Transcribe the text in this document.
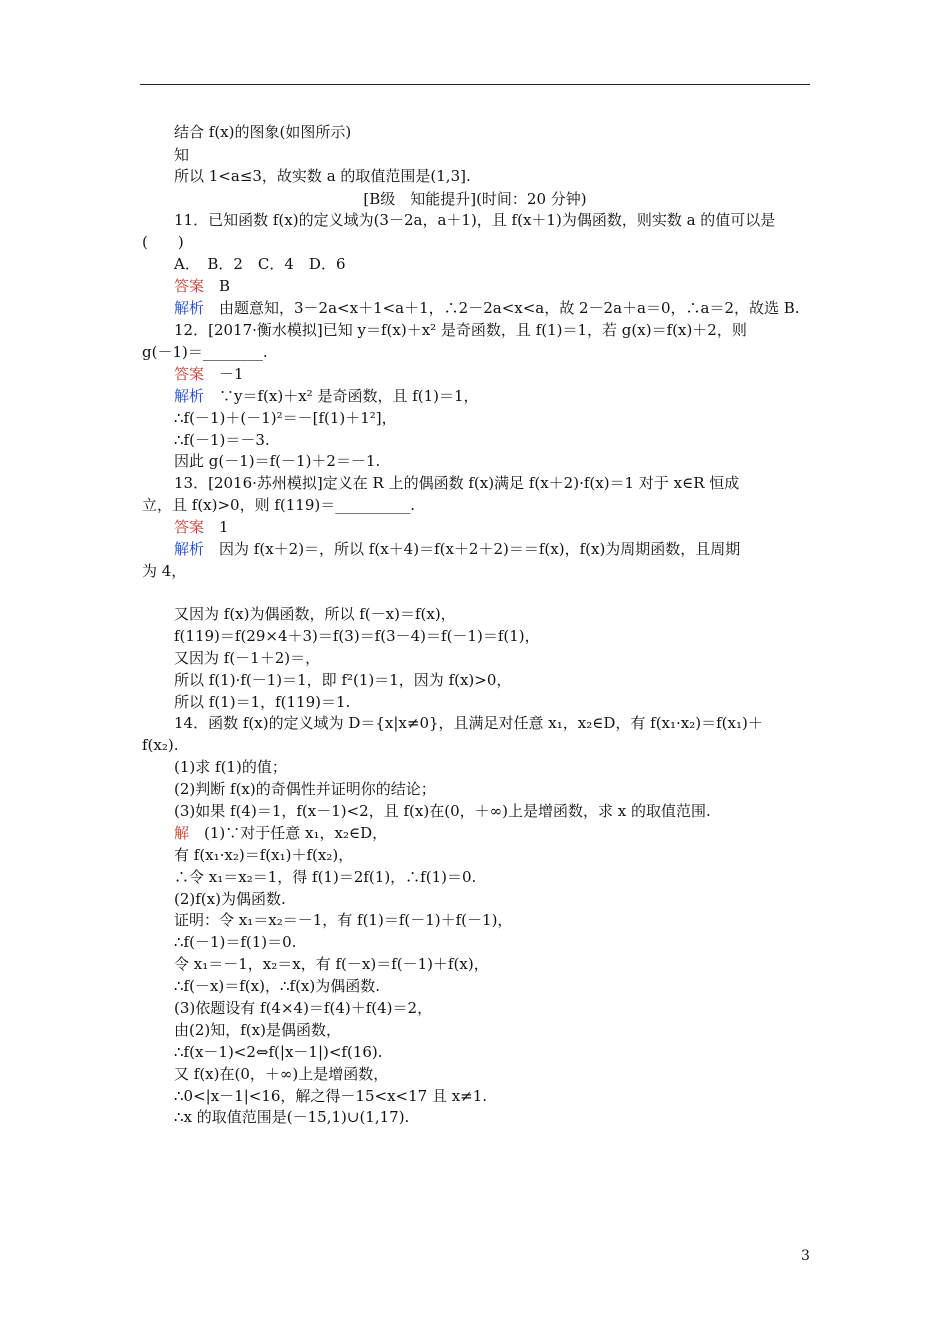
结合 f(x)的图象(如图所示)
知
所以 1<a≤3，故实数 a 的取值范围是(1,3].
[B级　知能提升](时间：20 分钟)
11．已知函数 f(x)的定义域为(3－2a，a＋1)，且 f(x＋1)为偶函数，则实数 a 的值可以是
(　　)
A．　B．2　C．4　D．6
答案　B
解析　由题意知，3－2a<x＋1<a＋1，∴2－2a<x<a，故 2－2a＋a＝0，∴a＝2，故选 B.
12．[2017·衡水模拟]已知 y＝f(x)＋x² 是奇函数，且 f(1)＝1，若 g(x)＝f(x)＋2，则
g(－1)＝________.
答案　－1
解析　∵y＝f(x)＋x² 是奇函数，且 f(1)＝1，
∴f(－1)＋(－1)²＝－[f(1)＋1²]，
∴f(－1)＝－3.
因此 g(－1)＝f(－1)＋2＝－1.
13．[2016·苏州模拟]定义在 R 上的偶函数 f(x)满足 f(x＋2)·f(x)＝1 对于 x∈R 恒成
立，且 f(x)>0，则 f(119)＝__________.
答案　1
解析　因为 f(x＋2)＝，所以 f(x＋4)＝f(x＋2＋2)＝＝f(x)，f(x)为周期函数，且周期
为 4，
又因为 f(x)为偶函数，所以 f(－x)＝f(x)，
f(119)＝f(29×4＋3)＝f(3)＝f(3－4)＝f(－1)＝f(1)，
又因为 f(－1＋2)＝，
所以 f(1)·f(－1)＝1，即 f²(1)＝1，因为 f(x)>0，
所以 f(1)＝1，f(119)＝1.
14．函数 f(x)的定义域为 D＝{x|x≠0}，且满足对任意 x₁，x₂∈D，有 f(x₁·x₂)＝f(x₁)＋
f(x₂).
(1)求 f(1)的值；
(2)判断 f(x)的奇偶性并证明你的结论；
(3)如果 f(4)＝1，f(x－1)<2，且 f(x)在(0，＋∞)上是增函数，求 x 的取值范围.
解　(1)∵对于任意 x₁，x₂∈D，
有 f(x₁·x₂)＝f(x₁)＋f(x₂)，
∴令 x₁＝x₂＝1，得 f(1)＝2f(1)，∴f(1)＝0.
(2)f(x)为偶函数.
证明：令 x₁＝x₂＝－1，有 f(1)＝f(－1)＋f(－1)，
∴f(－1)＝f(1)＝0.
令 x₁＝－1，x₂＝x，有 f(－x)＝f(－1)＋f(x)，
∴f(－x)＝f(x)，∴f(x)为偶函数.
(3)依题设有 f(4×4)＝f(4)＋f(4)＝2，
由(2)知，f(x)是偶函数，
∴f(x－1)<2⇔f(|x－1|)<f(16).
又 f(x)在(0，＋∞)上是增函数，
∴0<|x－1|<16，解之得－15<x<17 且 x≠1.
∴x 的取值范围是(－15,1)∪(1,17).
3
